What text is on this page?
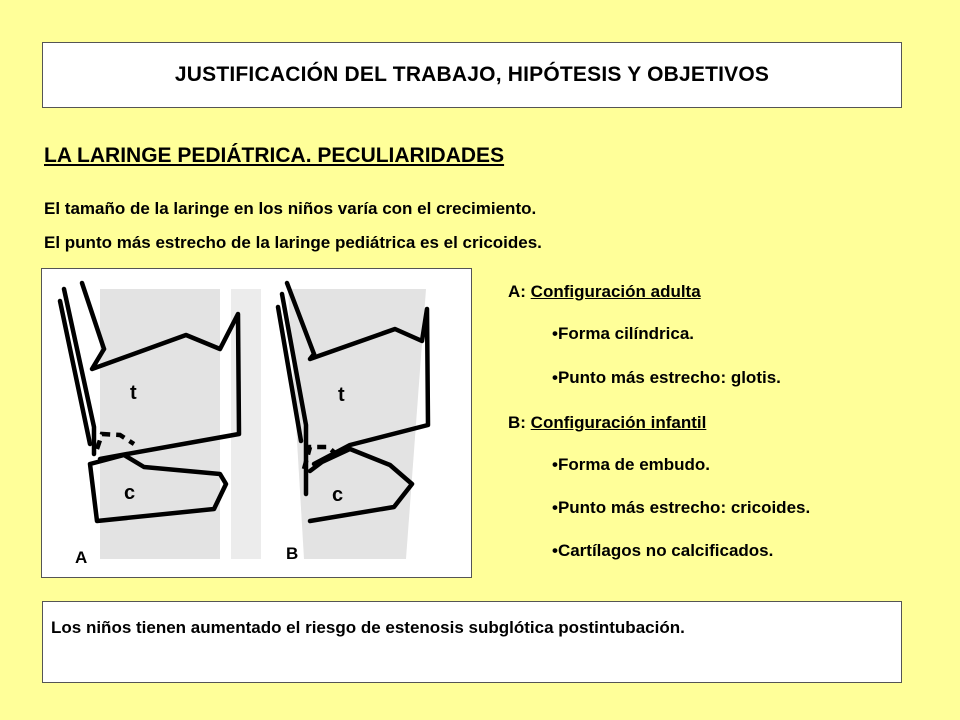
JUSTIFICACIÓN DEL TRABAJO, HIPÓTESIS Y OBJETIVOS
LA LARINGE PEDIÁTRICA. PECULIARIDADES
El tamaño de la laringe en los niños varía con el crecimiento.
El punto más estrecho de la laringe pediátrica es el cricoides.
t
c
A
t
c
B
A: Configuración adulta
•Forma cilíndrica.
•Punto más estrecho: glotis.
B: Configuración infantil
•Forma de embudo.
•Punto más estrecho: cricoides.
•Cartílagos no calcificados.
Los niños tienen aumentado el riesgo de estenosis subglótica postintubación.
